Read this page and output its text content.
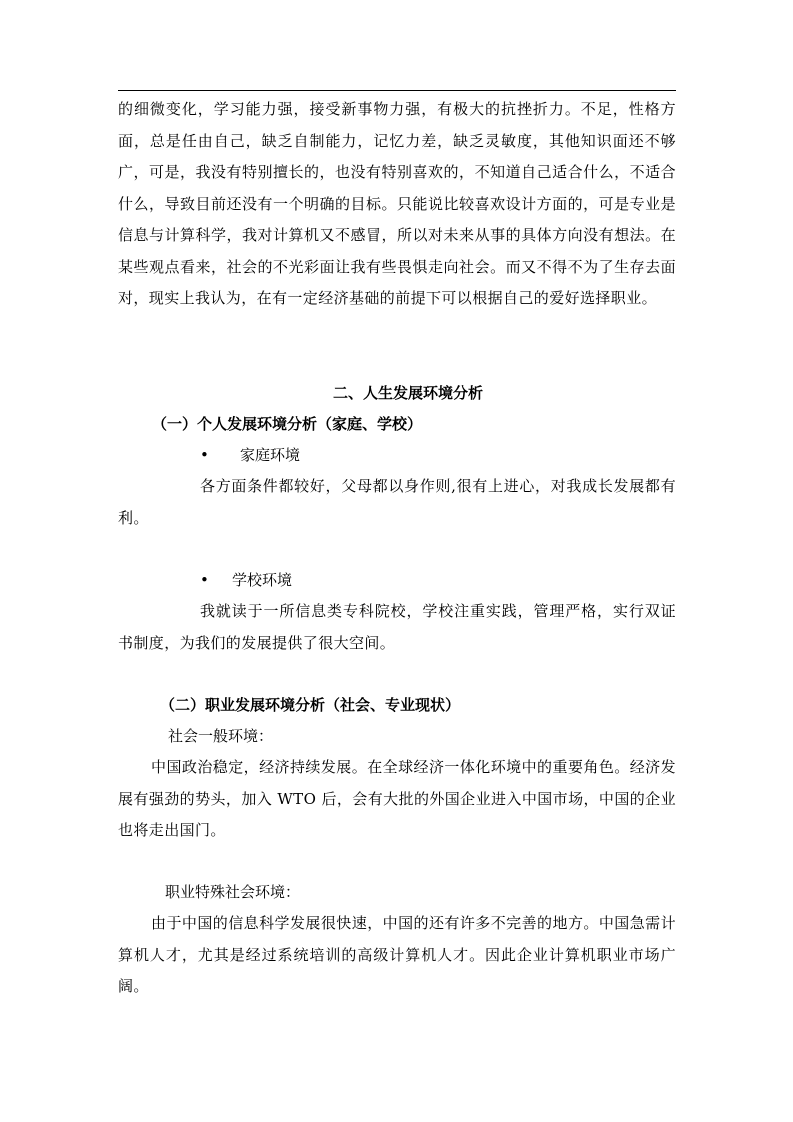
的细微变化，学习能力强，接受新事物力强，有极大的抗挫折力。不足，性格方面，总是任由自己，缺乏自制能力，记忆力差，缺乏灵敏度，其他知识面还不够广，可是，我没有特别擅长的，也没有特别喜欢的，不知道自己适合什么，不适合什么，导致目前还没有一个明确的目标。只能说比较喜欢设计方面的，可是专业是信息与计算科学，我对计算机又不感冒，所以对未来从事的具体方向没有想法。在某些观点看来，社会的不光彩面让我有些畏惧走向社会。而又不得不为了生存去面对，现实上我认为，在有一定经济基础的前提下可以根据自己的爱好选择职业。

二、人生发展环境分析

（一）个人发展环境分析（家庭、学校）

• 家庭环境

各方面条件都较好，父母都以身作则,很有上进心，对我成长发展都有利。

• 学校环境

我就读于一所信息类专科院校，学校注重实践，管理严格，实行双证书制度，为我们的发展提供了很大空间。

（二）职业发展环境分析（社会、专业现状）

社会一般环境：

中国政治稳定，经济持续发展。在全球经济一体化环境中的重要角色。经济发展有强劲的势头，加入 WTO 后，会有大批的外国企业进入中国市场，中国的企业也将走出国门。

职业特殊社会环境：

由于中国的信息科学发展很快速，中国的还有许多不完善的地方。中国急需计算机人才，尤其是经过系统培训的高级计算机人才。因此企业计算机职业市场广阔。
